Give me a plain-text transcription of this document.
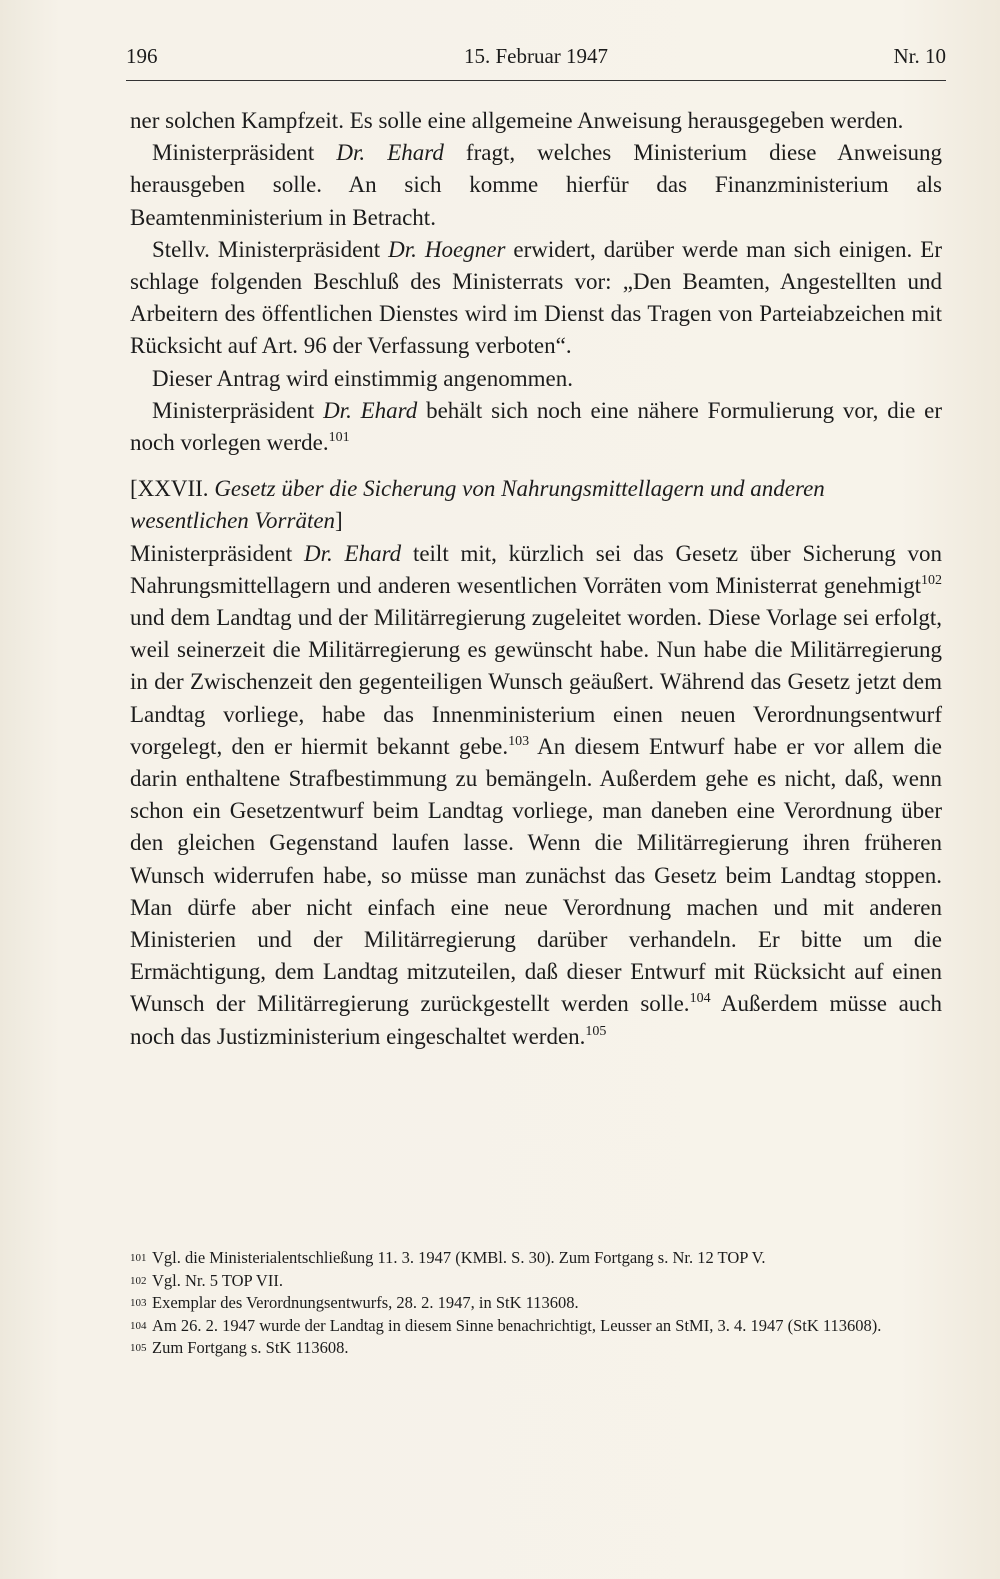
196	15. Februar 1947	Nr. 10

ner solchen Kampfzeit. Es solle eine allgemeine Anweisung herausgegeben werden.

Ministerpräsident Dr. Ehard fragt, welches Ministerium diese Anweisung herausgeben solle. An sich komme hierfür das Finanzministerium als Beamtenministerium in Betracht.

Stellv. Ministerpräsident Dr. Hoegner erwidert, darüber werde man sich einigen. Er schlage folgenden Beschluß des Ministerrats vor: „Den Beamten, Angestellten und Arbeitern des öffentlichen Dienstes wird im Dienst das Tragen von Parteiabzeichen mit Rücksicht auf Art. 96 der Verfassung verboten“.

Dieser Antrag wird einstimmig angenommen.

Ministerpräsident Dr. Ehard behält sich noch eine nähere Formulierung vor, die er noch vorlegen werde.$^{101}$

[XXVII. Gesetz über die Sicherung von Nahrungsmittellagern und anderen wesentlichen Vorräten]

Ministerpräsident Dr. Ehard teilt mit, kürzlich sei das Gesetz über Sicherung von Nahrungsmittellagern und anderen wesentlichen Vorräten vom Ministerrat genehmigt$^{102}$ und dem Landtag und der Militärregierung zugeleitet worden. Diese Vorlage sei erfolgt, weil seinerzeit die Militärregierung es gewünscht habe. Nun habe die Militärregierung in der Zwischenzeit den gegenteiligen Wunsch geäußert. Während das Gesetz jetzt dem Landtag vorliege, habe das Innenministerium einen neuen Verordnungsentwurf vorgelegt, den er hiermit bekannt gebe.$^{103}$ An diesem Entwurf habe er vor allem die darin enthaltene Strafbestimmung zu bemängeln. Außerdem gehe es nicht, daß, wenn schon ein Gesetzentwurf beim Landtag vorliege, man daneben eine Verordnung über den gleichen Gegenstand laufen lasse. Wenn die Militärregierung ihren früheren Wunsch widerrufen habe, so müsse man zunächst das Gesetz beim Landtag stoppen. Man dürfe aber nicht einfach eine neue Verordnung machen und mit anderen Ministerien und der Militärregierung darüber verhandeln. Er bitte um die Ermächtigung, dem Landtag mitzuteilen, daß dieser Entwurf mit Rücksicht auf einen Wunsch der Militärregierung zurückgestellt werden solle.$^{104}$ Außerdem müsse auch noch das Justizministerium eingeschaltet werden.$^{105}$

101 Vgl. die Ministerialentschließung 11. 3. 1947 (KMBl. S. 30). Zum Fortgang s. Nr. 12 TOP V.
102 Vgl. Nr. 5 TOP VII.
103 Exemplar des Verordnungsentwurfs, 28. 2. 1947, in StK 113608.
104 Am 26. 2. 1947 wurde der Landtag in diesem Sinne benachrichtigt, Leusser an StMI, 3. 4. 1947 (StK 113608).
105 Zum Fortgang s. StK 113608.
